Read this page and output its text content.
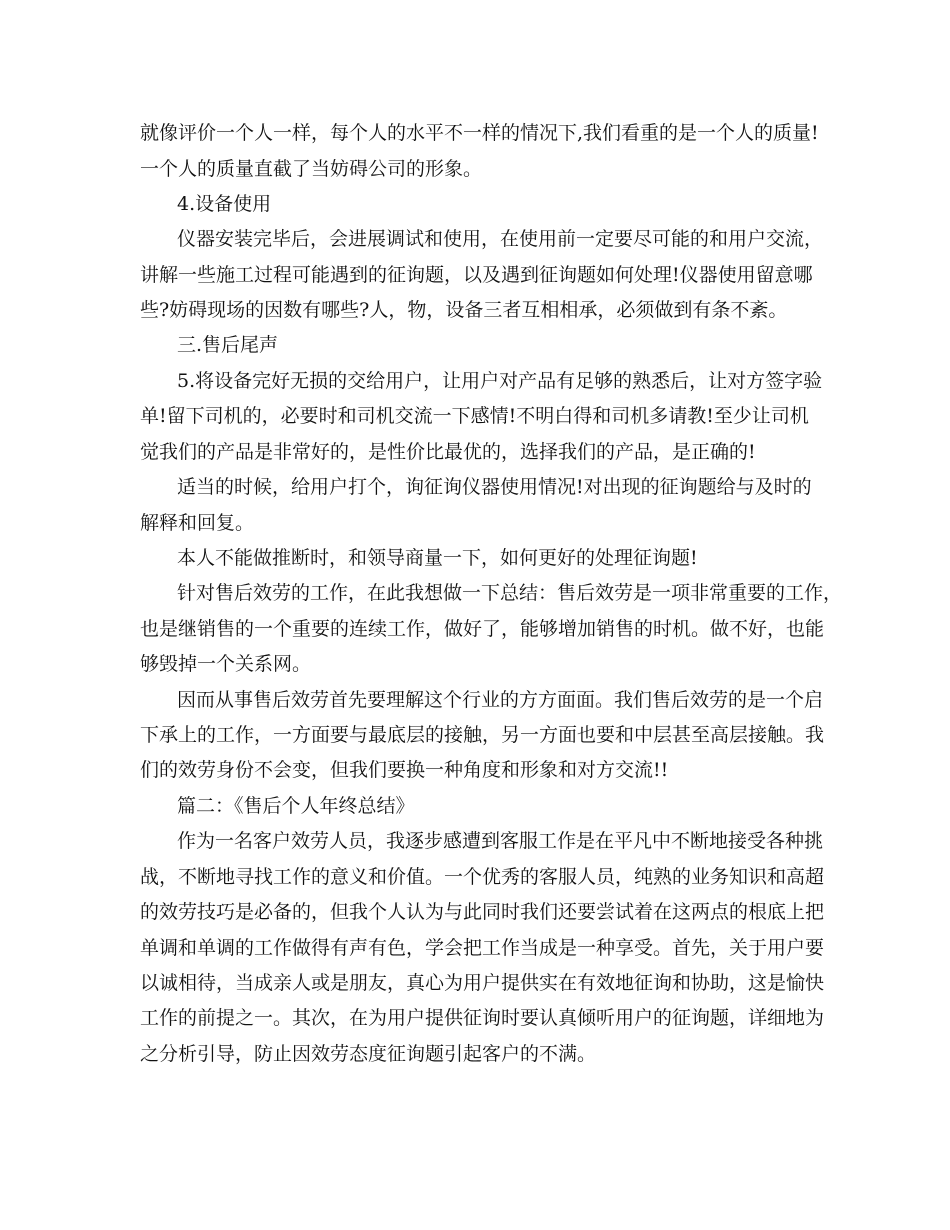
就像评价一个人一样，每个人的水平不一样的情况下,我们看重的是一个人的质量!
一个人的质量直截了当妨碍公司的形象。
4.设备使用
仪器安装完毕后，会进展调试和使用，在使用前一定要尽可能的和用户交流，
讲解一些施工过程可能遇到的征询题，以及遇到征询题如何处理!仪器使用留意哪
些?妨碍现场的因数有哪些?人，物，设备三者互相相承，必须做到有条不紊。
三.售后尾声
5.将设备完好无损的交给用户，让用户对产品有足够的熟悉后，让对方签字验
单!留下司机的，必要时和司机交流一下感情!不明白得和司机多请教!至少让司机
觉我们的产品是非常好的，是性价比最优的，选择我们的产品，是正确的!
适当的时候，给用户打个，询征询仪器使用情况!对出现的征询题给与及时的
解释和回复。
本人不能做推断时，和领导商量一下，如何更好的处理征询题!
针对售后效劳的工作，在此我想做一下总结：售后效劳是一项非常重要的工作，
也是继销售的一个重要的连续工作，做好了，能够增加销售的时机。做不好，也能
够毁掉一个关系网。
因而从事售后效劳首先要理解这个行业的方方面面。我们售后效劳的是一个启
下承上的工作，一方面要与最底层的接触，另一方面也要和中层甚至高层接触。我
们的效劳身份不会变，但我们要换一种角度和形象和对方交流!!
篇二：《售后个人年终总结》
作为一名客户效劳人员，我逐步感遭到客服工作是在平凡中不断地接受各种挑
战，不断地寻找工作的意义和价值。一个优秀的客服人员，纯熟的业务知识和高超
的效劳技巧是必备的，但我个人认为与此同时我们还要尝试着在这两点的根底上把
单调和单调的工作做得有声有色，学会把工作当成是一种享受。首先，关于用户要
以诚相待，当成亲人或是朋友，真心为用户提供实在有效地征询和协助，这是愉快
工作的前提之一。其次，在为用户提供征询时要认真倾听用户的征询题，详细地为
之分析引导，防止因效劳态度征询题引起客户的不满。
